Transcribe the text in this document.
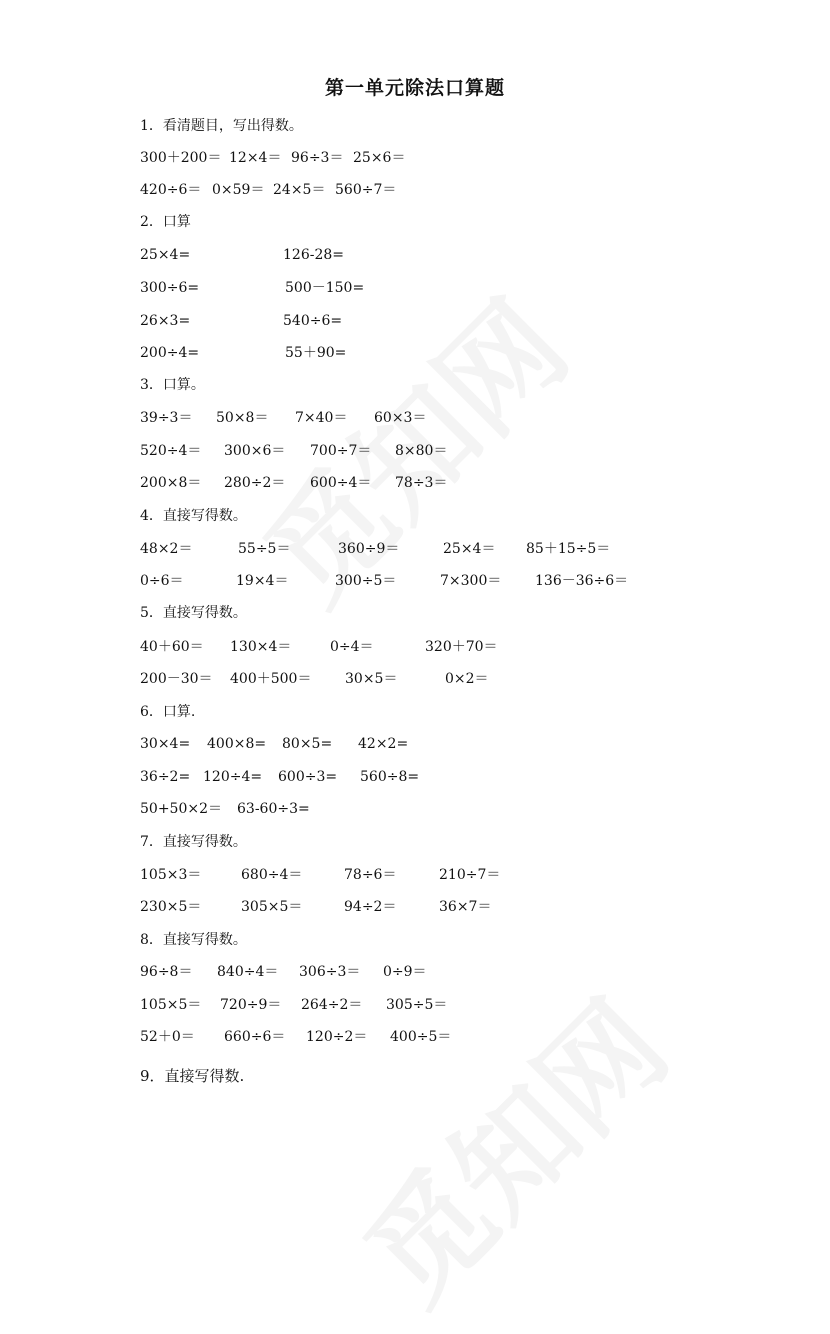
第一单元除法口算题
1．看清题目，写出得数。
300＋200＝ 12×4＝ 96÷3＝ 25×6＝
420÷6＝ 0×59＝ 24×5＝ 560÷7＝
2．口算
25×4=	126-28=
300÷6=	500－150=
26×3=	540÷6=
200÷4=	55＋90=
3．口算。
39÷3＝ 50×8＝ 7×40＝ 60×3＝
520÷4＝ 300×6＝ 700÷7＝ 8×80＝
200×8＝ 280÷2＝ 600÷4＝ 78÷3＝
4．直接写得数。
48×2＝	55÷5＝	360÷9＝	25×4＝ 85＋15÷5＝
0÷6＝	19×4＝	300÷5＝	7×300＝ 136－36÷6＝
5．直接写得数。
40＋60＝ 130×4＝	0÷4＝	320＋70＝
200－30＝ 400＋500＝ 30×5＝	0×2＝
6．口算.
30×4= 400×8= 80×5= 42×2=
36÷2= 120÷4= 600÷3= 560÷8=
50+50×2＝ 63-60÷3=
7．直接写得数。
105×3＝	680÷4＝	78÷6＝	210÷7＝
230×5＝	305×5＝	94÷2＝	36×7＝
8．直接写得数。
96÷8＝ 840÷4＝ 306÷3＝ 0÷9＝
105×5＝ 720÷9＝ 264÷2＝ 305÷5＝
52＋0＝ 660÷6＝ 120÷2＝ 400÷5＝
9．直接写得数.
